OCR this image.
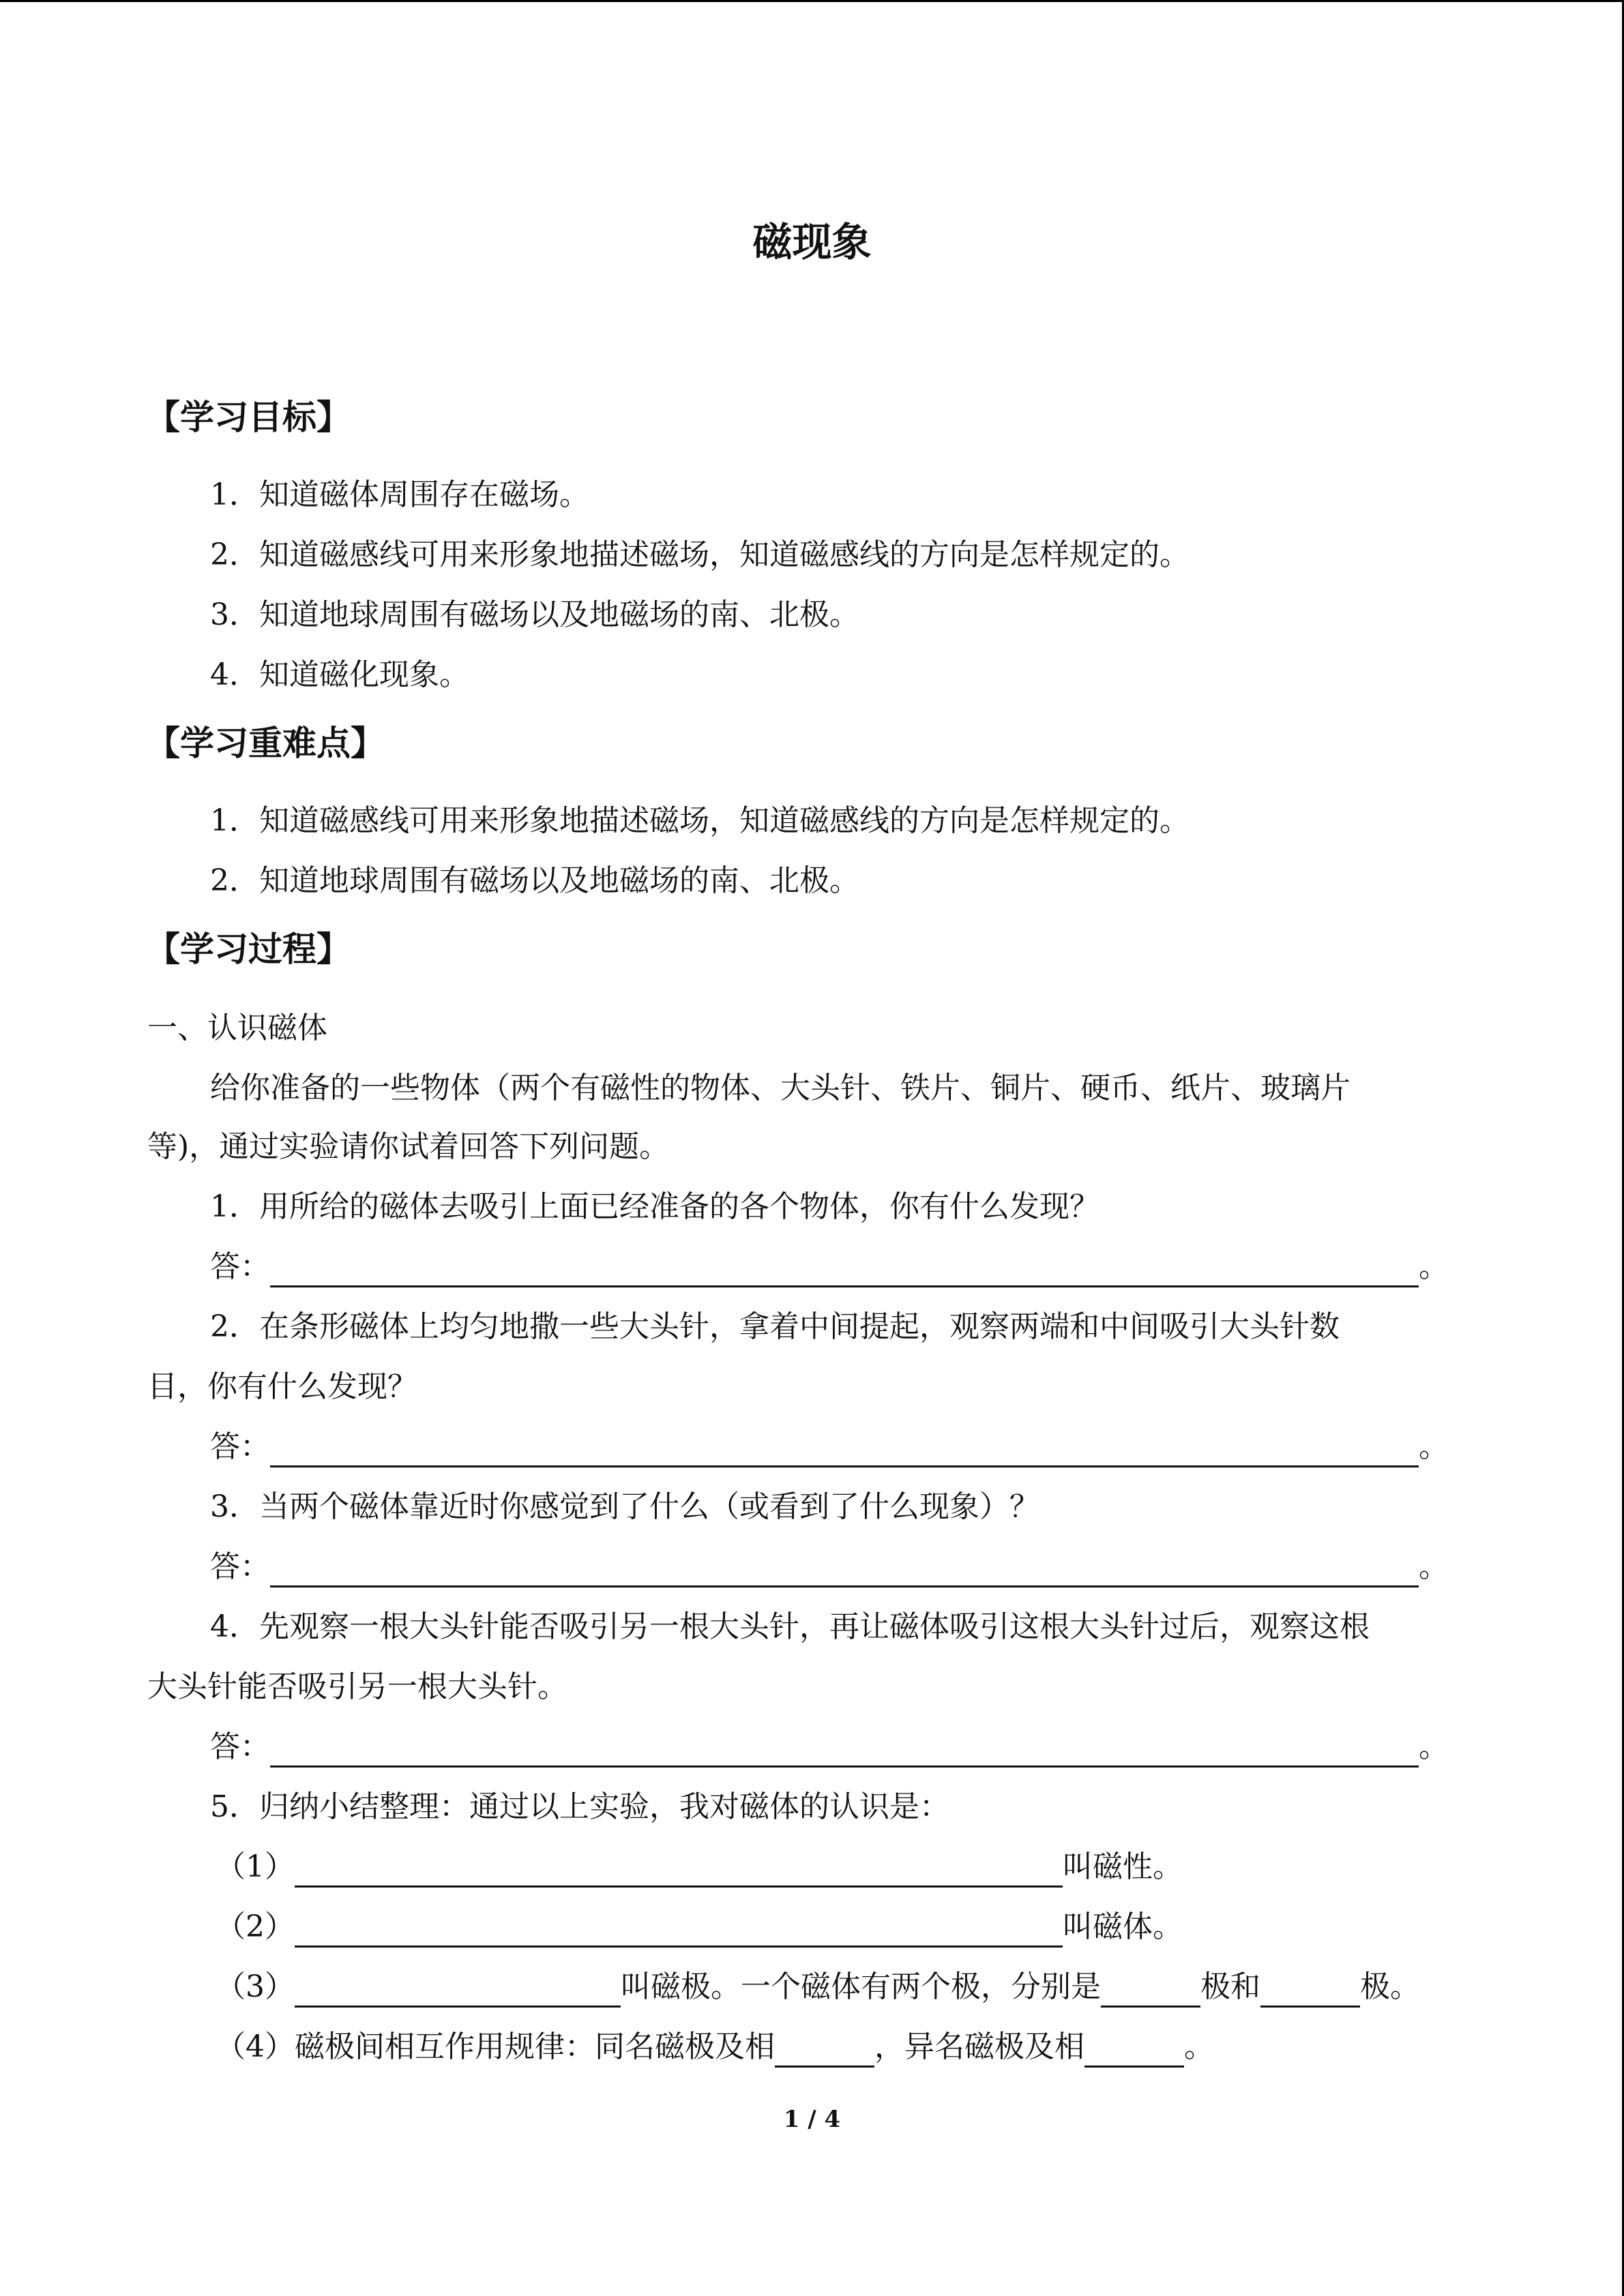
磁现象
【学习目标】
1．知道磁体周围存在磁场。
2．知道磁感线可用来形象地描述磁场，知道磁感线的方向是怎样规定的。
3．知道地球周围有磁场以及地磁场的南、北极。
4．知道磁化现象。
【学习重难点】
1．知道磁感线可用来形象地描述磁场，知道磁感线的方向是怎样规定的。
2．知道地球周围有磁场以及地磁场的南、北极。
【学习过程】
一、认识磁体
给你准备的一些物体（两个有磁性的物体、大头针、铁片、铜片、硬币、纸片、玻璃片
等)，通过实验请你试着回答下列问题。
1．用所给的磁体去吸引上面已经准备的各个物体，你有什么发现？
答：	。
2．在条形磁体上均匀地撒一些大头针，拿着中间提起，观察两端和中间吸引大头针数
目，你有什么发现？
答：	。
3．当两个磁体靠近时你感觉到了什么（或看到了什么现象）？
答：	。
4．先观察一根大头针能否吸引另一根大头针，再让磁体吸引这根大头针过后，观察这根
大头针能否吸引另一根大头针。
答：	。
5．归纳小结整理：通过以上实验，我对磁体的认识是：
（1）	叫磁性。
（2）	叫磁体。
（3）	叫磁极。一个磁体有两个极，分别是	极和	极。
（4）磁极间相互作用规律：同名磁极及相	，异名磁极及相	。
1 / 4
